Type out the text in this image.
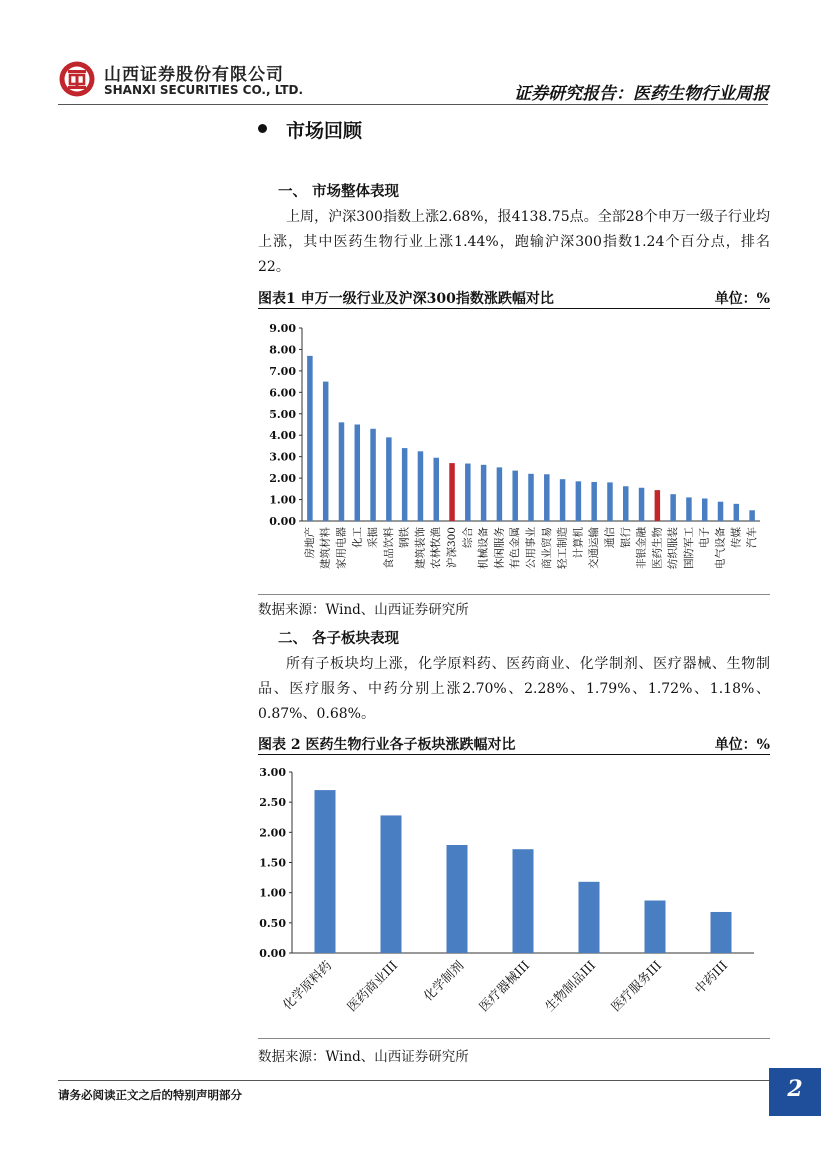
山西证券股份有限公司
SHANXI SECURITIES CO., LTD.	证券研究报告：医药生物行业周报
市场回顾
一、 市场整体表现
上周，沪深300指数上涨2.68%，报4138.75点。全部28个申万一级子行业均上涨，其中医药生物行业上涨1.44%，跑输沪深300指数1.24个百分点，排名22。
图表1 申万一级行业及沪深300指数涨跌幅对比	单位：%
0.00
1.00
2.00
3.00
4.00
5.00
6.00
7.00
8.00
9.00
房地产 建筑材料 家用电器 化工 采掘 食品饮料 钢铁 建筑装饰 农林牧渔 沪深300 综合 机械设备 休闲服务 有色金属 公用事业 商业贸易 轻工制造 计算机 交通运输 通信 银行 非银金融 医药生物 纺织服装 国防军工 电子 电气设备 传媒 汽车
数据来源：Wind、山西证券研究所
二、 各子板块表现
所有子板块均上涨，化学原料药、医药商业、化学制剂、医疗器械、生物制品、医疗服务、中药分别上涨2.70%、2.28%、1.79%、1.72%、1.18%、0.87%、0.68%。
图表 2 医药生物行业各子板块涨跌幅对比	单位：%
0.00
0.50
1.00
1.50
2.00
2.50
3.00
化学原料药 医药商业III 化学制剂 医疗器械III 生物制品III 医疗服务III 中药III
数据来源：Wind、山西证券研究所
请务必阅读正文之后的特别声明部分	2
